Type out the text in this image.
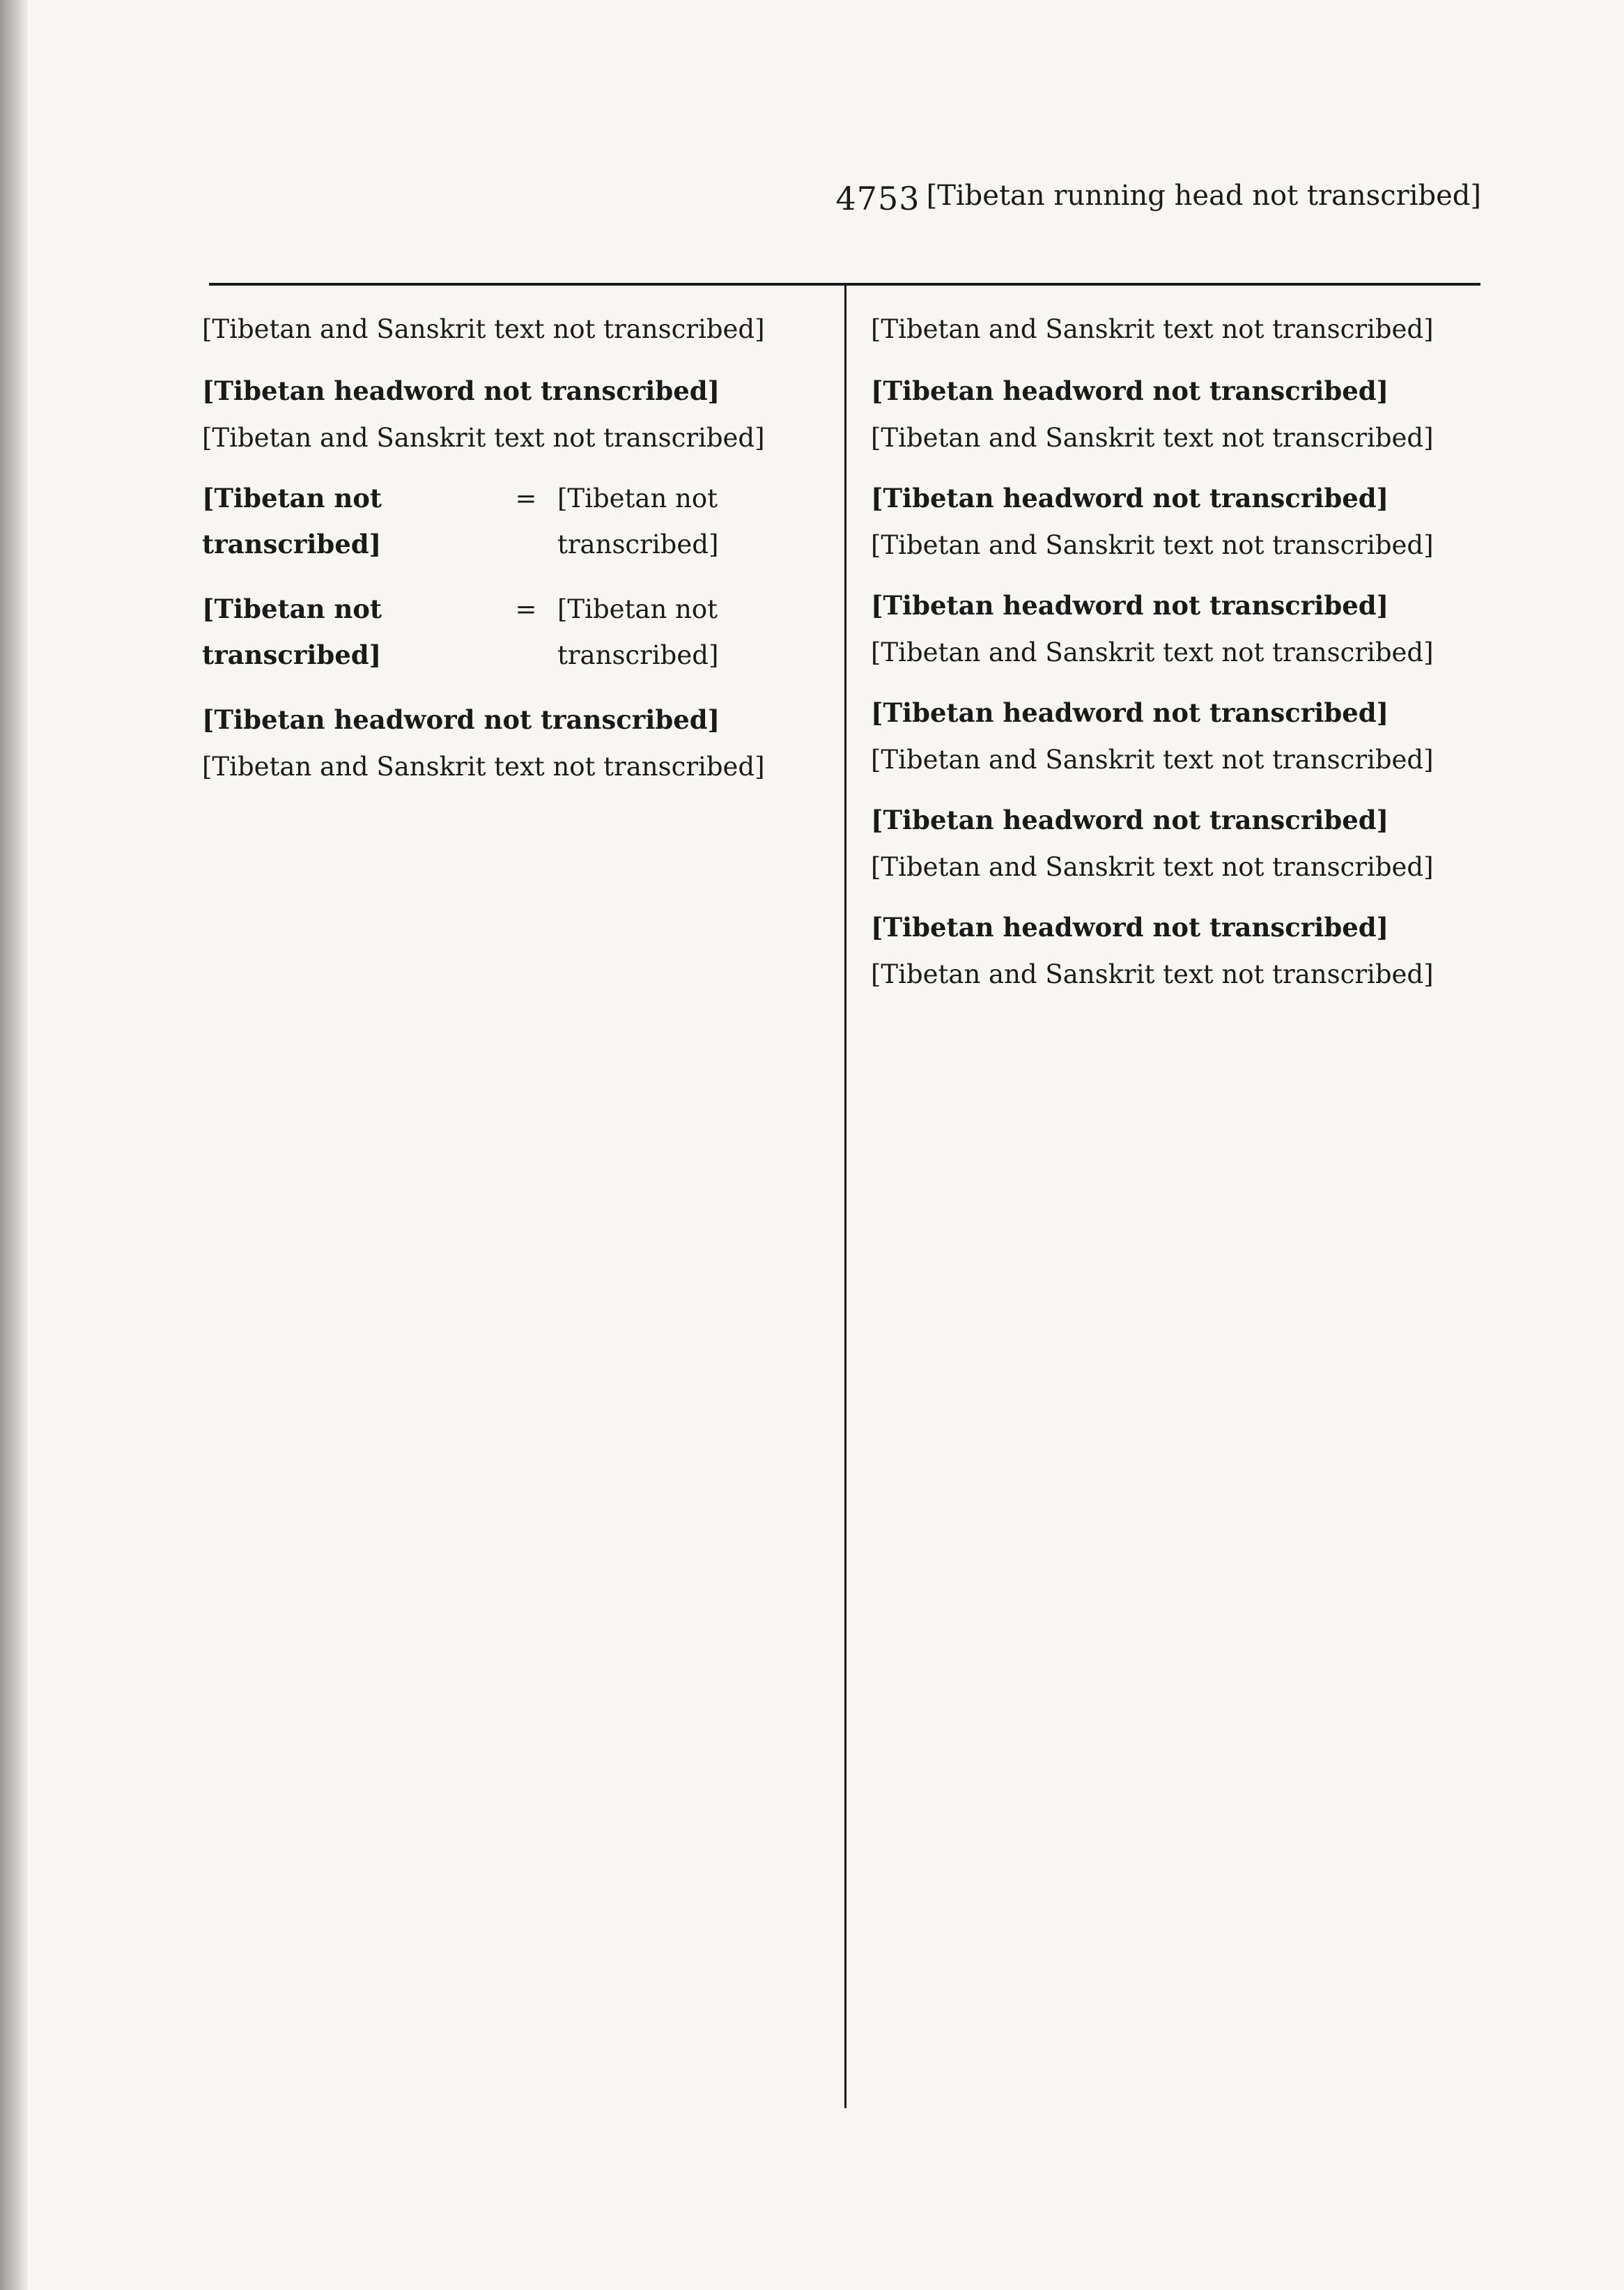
4753 [Tibetan running head not transcribed]

[Tibetan and Sanskrit text not transcribed]

[Tibetan headword not transcribed] [Tibetan and Sanskrit text not transcribed]

[Tibetan not transcribed]
= [Tibetan not transcribed]
[Tibetan not transcribed]
= [Tibetan not transcribed]

[Tibetan headword not transcribed] [Tibetan and Sanskrit text not transcribed]

[Tibetan and Sanskrit text not transcribed]

[Tibetan headword not transcribed] [Tibetan and Sanskrit text not transcribed]

[Tibetan headword not transcribed] [Tibetan and Sanskrit text not transcribed]

[Tibetan headword not transcribed] [Tibetan and Sanskrit text not transcribed]

[Tibetan headword not transcribed] [Tibetan and Sanskrit text not transcribed]

[Tibetan headword not transcribed] [Tibetan and Sanskrit text not transcribed]

[Tibetan headword not transcribed] [Tibetan and Sanskrit text not transcribed]
